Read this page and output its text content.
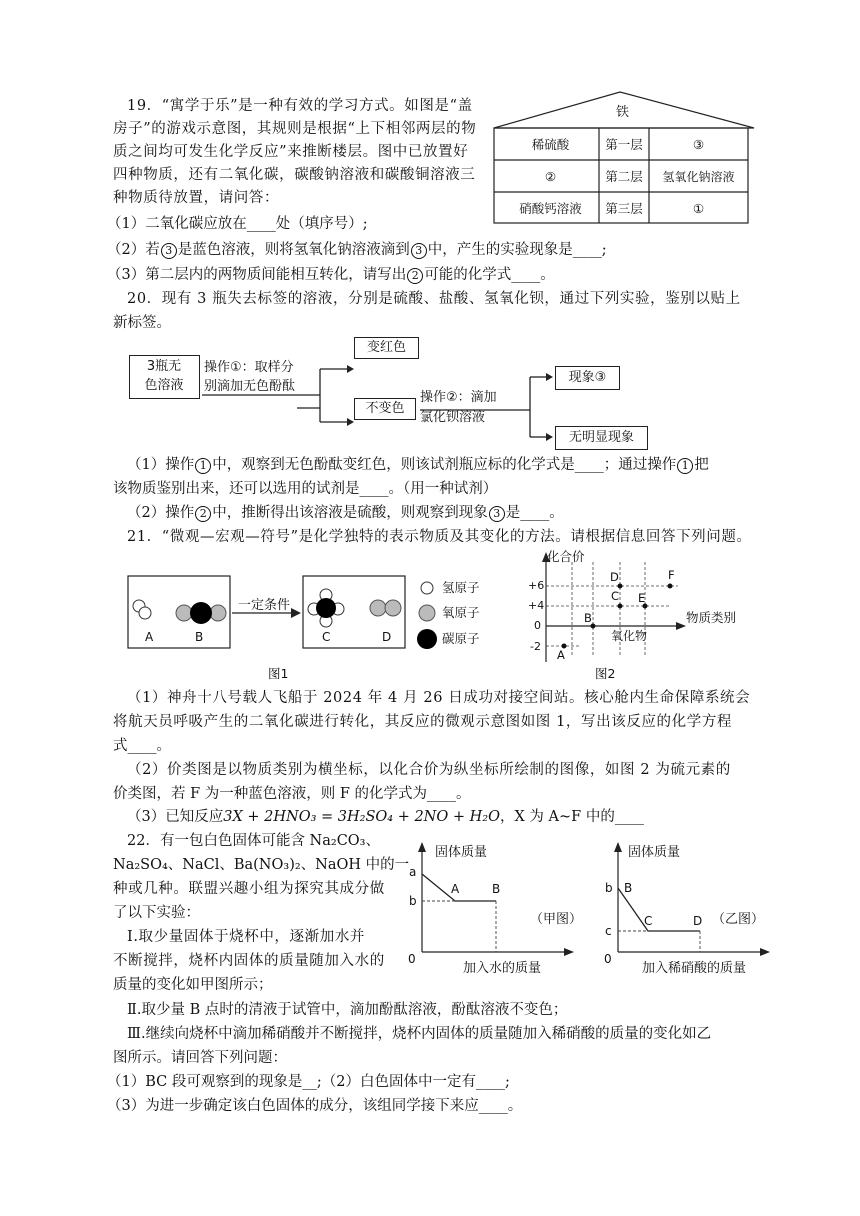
19．“寓学于乐”是一种有效的学习方式。如图是“盖
房子”的游戏示意图，其规则是根据“上下相邻两层的物
质之间均可发生化学反应”来推断楼层。图中已放置好
四种物质，还有二氧化碳，碳酸钠溶液和碳酸铜溶液三
种物质待放置，请问答：
（1）二氧化碳应放在____处（填序号）;
（2）若 3 是蓝色溶液，则将氢氧化钠溶液滴到 3 中，产生的实验现象是____;
（3）第二层内的两物质间能相互转化，请写出 2 可能的化学式____。
铁
稀硫酸	第一层	③
②	第二层	氢氧化钠溶液
硝酸钙溶液	第三层	①
20．现有 3 瓶失去标签的溶液，分别是硫酸、盐酸、氢氧化钡，通过下列实验，鉴别以贴上
新标签。
3瓶无
色溶液
操作①：取样分
别滴加无色酚酞
变红色
不变色
操作②：滴加
氯化钡溶液
现象③
无明显现象
（1）操作 1 中，观察到无色酚酞变红色，则该试剂瓶应标的化学式是____；通过操作 1 把
该物质鉴别出来，还可以选用的试剂是____。（用一种试剂）
（2）操作 2 中，推断得出该溶液是硫酸，则观察到现象 3 是____。
21．“微观—宏观—符号”是化学独特的表示物质及其变化的方法。请根据信息回答下列问题。
一定条件
A	B	C	D
氢原子
氧原子
碳原子
图1
化合价
+6
+4
0
-2
A
B
C
D
E
F
氧化物
物质类别
图2
（1）神舟十八号载人飞船于 2024 年 4 月 26 日成功对接空间站。核心舱内生命保障系统会
将航天员呼吸产生的二氧化碳进行转化，其反应的微观示意图如图 1，写出该反应的化学方程
式____。
（2）价类图是以物质类别为横坐标，以化合价为纵坐标所绘制的图像，如图 2 为硫元素的
价类图，若 F 为一种蓝色溶液，则 F 的化学式为____。
（3）已知反应3X + 2HNO₃ = 3H₂SO₄ + 2NO + H₂O，X 为 A~F 中的____
22．有一包白色固体可能含 Na₂CO₃、
Na₂SO₄、NaCl、Ba(NO₃)₂、NaOH 中的一
种或几种。联盟兴趣小组为探究其成分做
了以下实验：
Ⅰ.取少量固体于烧杯中，逐渐加水并
不断搅拌，烧杯内固体的质量随加入水的
质量的变化如甲图所示；
固体质量
a
b
A	B
0
加入水的质量
（甲图）
固体质量
b
c
B
C	D
0
加入稀硝酸的质量
（乙图）
Ⅱ.取少量 B 点时的清液于试管中，滴加酚酞溶液，酚酞溶液不变色；
Ⅲ.继续向烧杯中滴加稀硝酸并不断搅拌，烧杯内固体的质量随加入稀硝酸的质量的变化如乙
图所示。请回答下列问题：
（1）BC 段可观察到的现象是__;（2）白色固体中一定有____;
（3）为进一步确定该白色固体的成分，该组同学接下来应____。
